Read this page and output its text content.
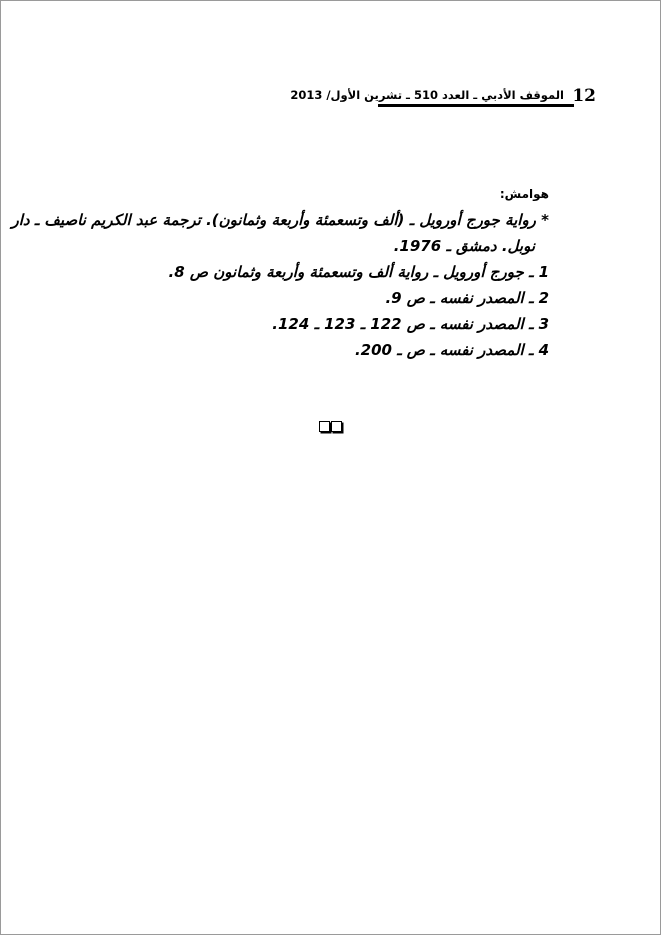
12
الموقف الأدبي ـ العدد 510 ـ تشرين الأول/ 2013
هوامش:
* رواية جورج أورويل ـ (ألف وتسعمئة وأربعة وثمانون). ترجمة عبد الكريم ناصيف ـ دار
نوبل. دمشق ـ 1976.
1 ـ جورج أورويل ـ رواية ألف وتسعمئة وأربعة وثمانون ص 8.
2 ـ المصدر نفسه ـ ص 9.
3 ـ المصدر نفسه ـ ص 122 ـ 123 ـ 124.
4 ـ المصدر نفسه ـ ص ـ 200.
